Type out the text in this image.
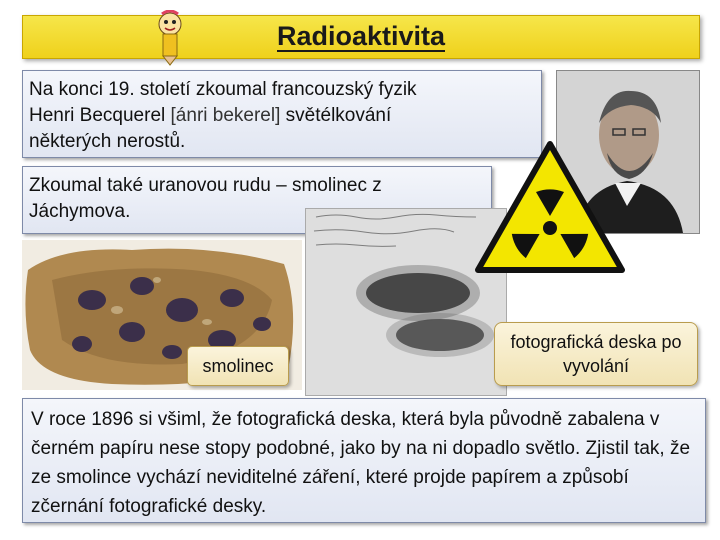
Radioaktivita
Na konci 19. století zkoumal francouzský fyzik
Henri Becquerel [ánri bekerel] světélkování
některých nerostů.
Zkoumal také uranovou rudu – smolinec z Jáchymova.
smolinec
fotografická deska po vyvolání
V roce 1896 si všiml, že fotografická deska, která byla původně zabalena v černém papíru nese stopy podobné, jako by na ni dopadlo světlo. Zjistil tak, že ze smolince vychází neviditelné záření, které projde papírem a způsobí zčernání fotografické desky.
